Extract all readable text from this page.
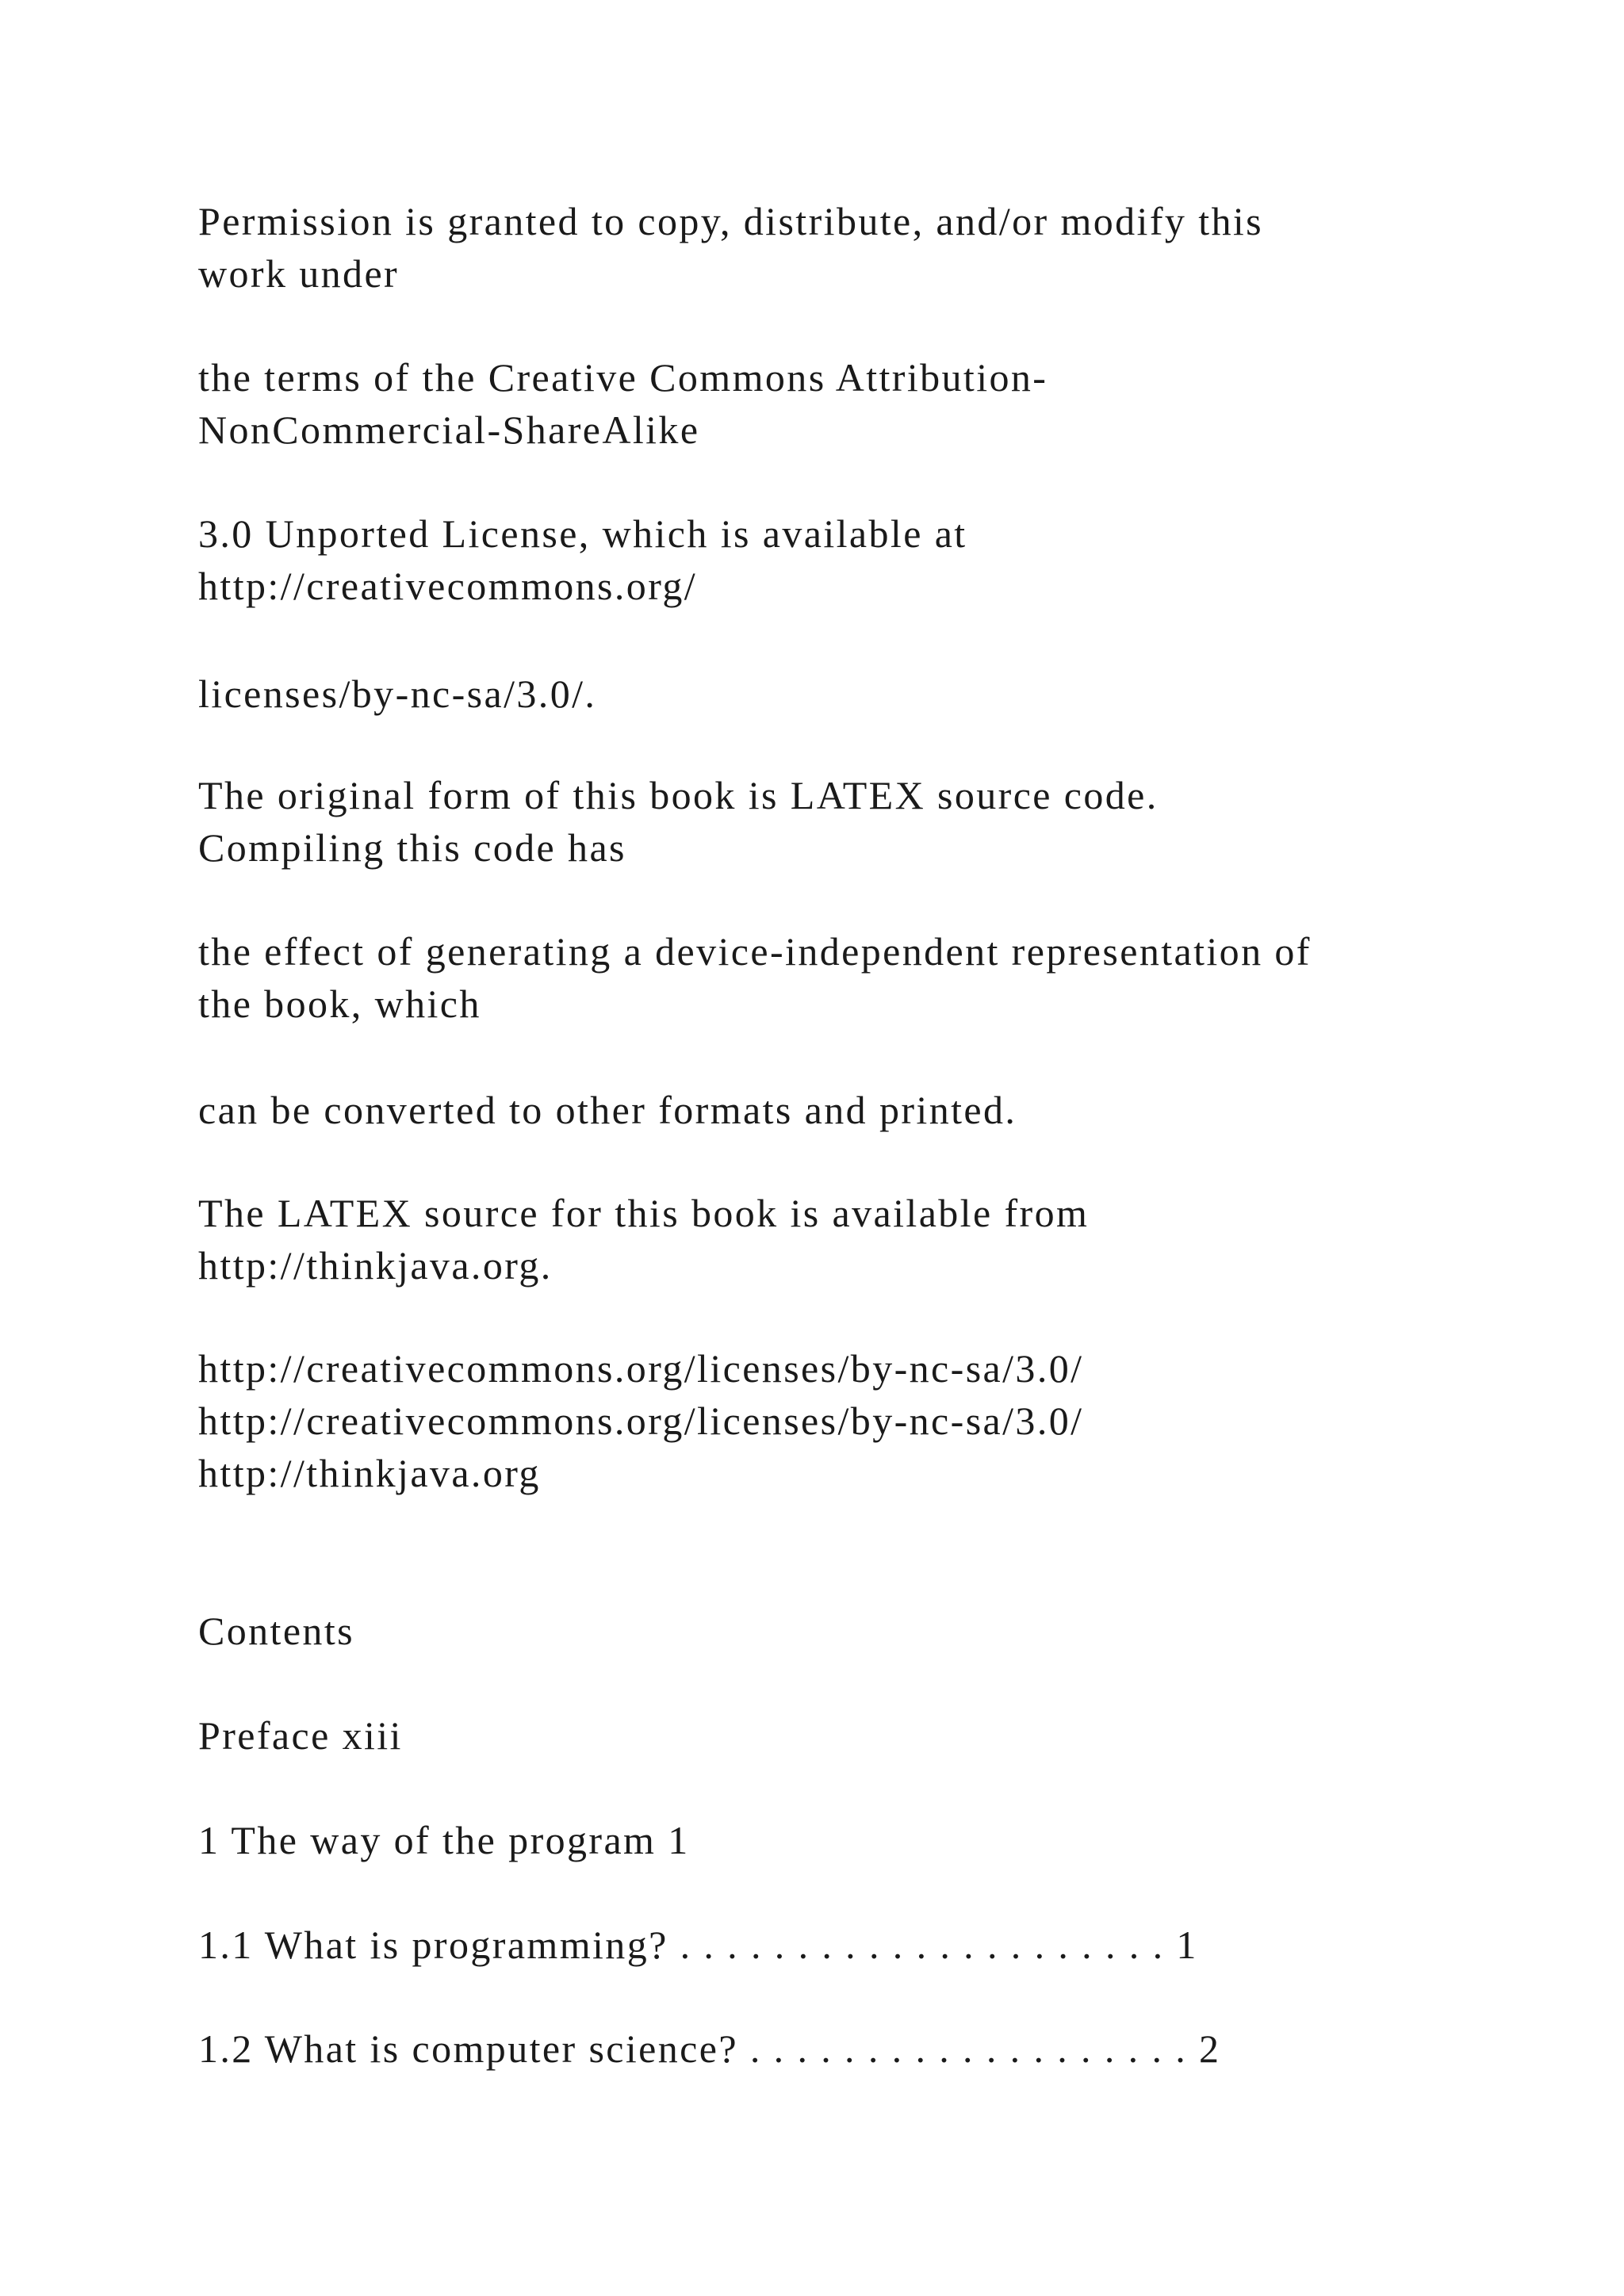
Permission is granted to copy, distribute, and/or modify this
work under

the terms of the Creative Commons Attribution-
NonCommercial-ShareAlike

3.0 Unported License, which is available at
http://creativecommons.org/

licenses/by-nc-sa/3.0/.

The original form of this book is LATEX source code.
Compiling this code has

the effect of generating a device-independent representation of
the book, which

can be converted to other formats and printed.

The LATEX source for this book is available from
http://thinkjava.org.

http://creativecommons.org/licenses/by-nc-sa/3.0/
http://creativecommons.org/licenses/by-nc-sa/3.0/
http://thinkjava.org

Contents

Preface xiii

1 The way of the program 1

1.1 What is programming? . . . . . . . . . . . . . . . . . . . . . 1

1.2 What is computer science? . . . . . . . . . . . . . . . . . . . 2
